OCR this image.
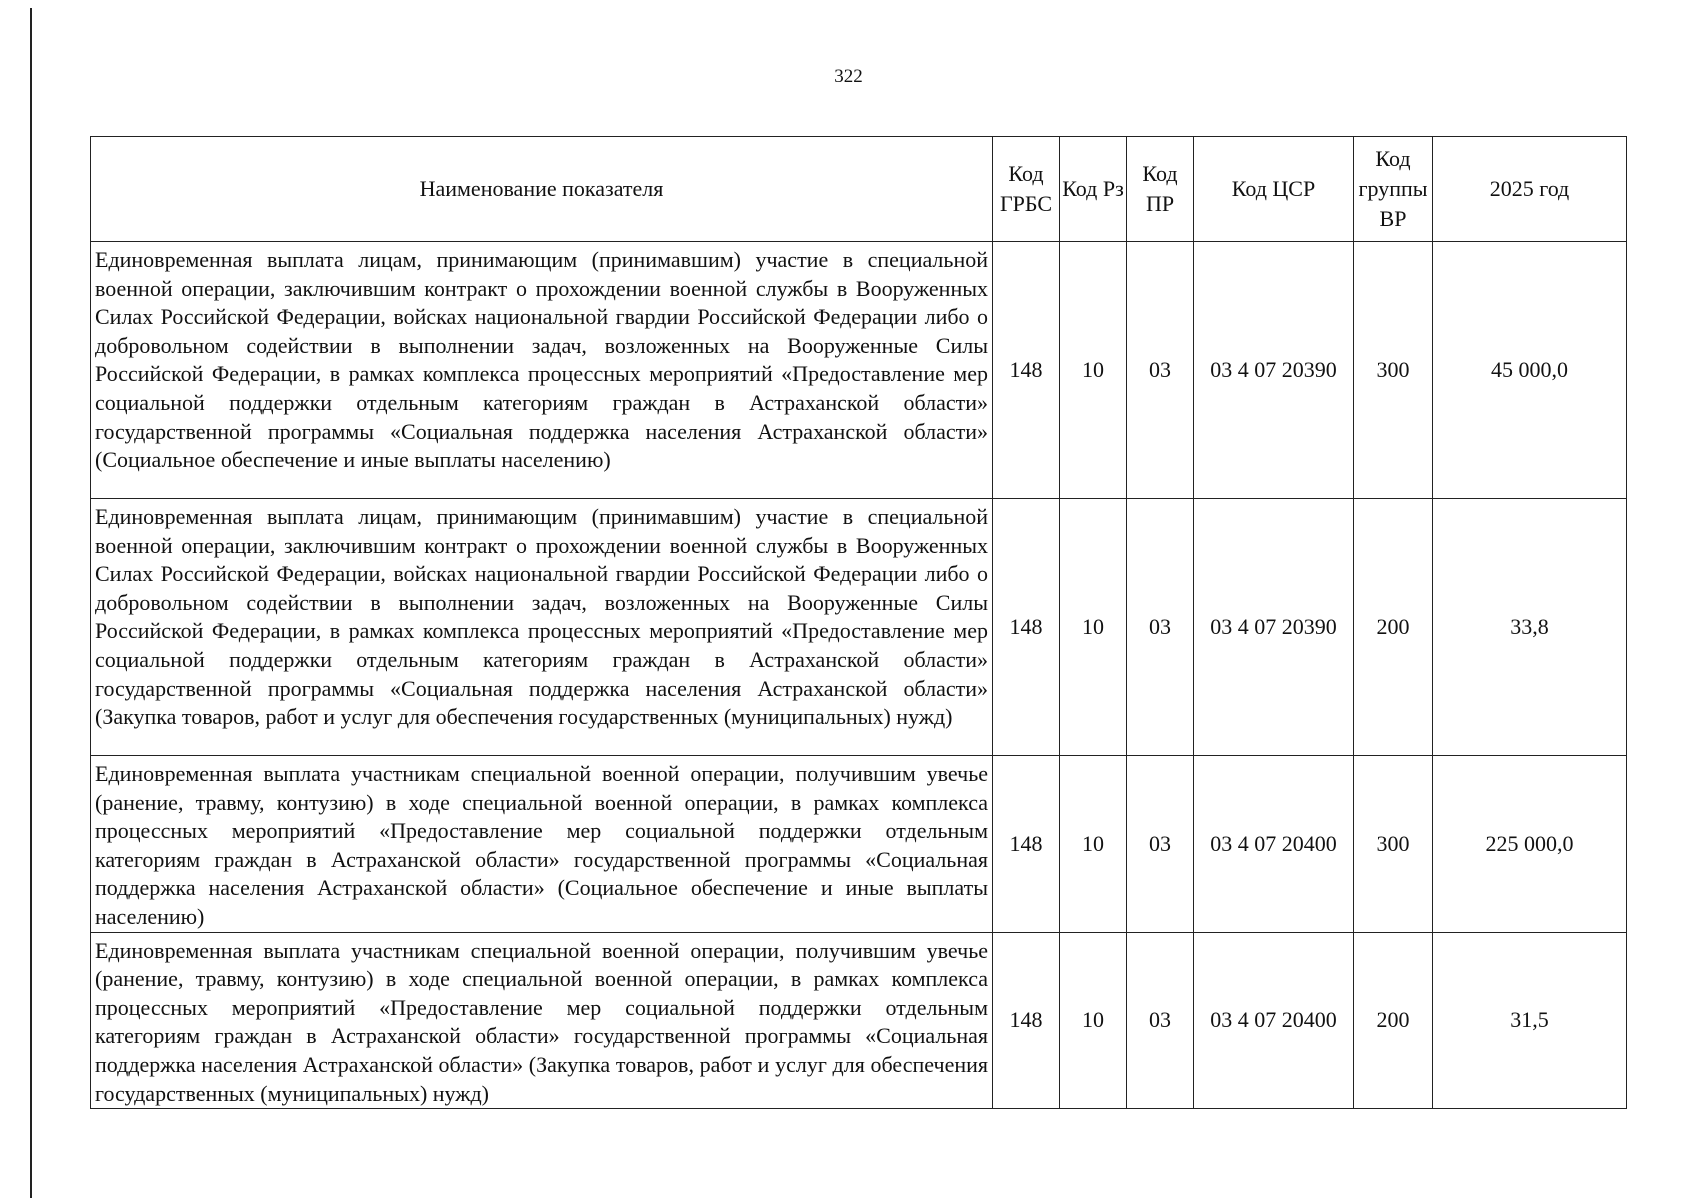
322
Наименование показателя	Код ГРБС	Код Рз	Код ПР	Код ЦСР	Код группы ВР	2025 год
Единовременная выплата лицам, принимающим (принимавшим) участие в специальной военной операции, заключившим контракт о прохождении военной службы в Вооруженных Силах Российской Федерации, войсках национальной гвардии Российской Федерации либо о добровольном содействии в выполнении задач, возложенных на Вооруженные Силы Российской Федерации, в рамках комплекса процессных мероприятий «Предоставление мер социальной поддержки отдельным категориям граждан в Астраханской области» государственной программы «Социальная поддержка населения Астраханской области» (Социальное обеспечение и иные выплаты населению)	148	10	03	03 4 07 20390	300	45 000,0
Единовременная выплата лицам, принимающим (принимавшим) участие в специальной военной операции, заключившим контракт о прохождении военной службы в Вооруженных Силах Российской Федерации, войсках национальной гвардии Российской Федерации либо о добровольном содействии в выполнении задач, возложенных на Вооруженные Силы Российской Федерации, в рамках комплекса процессных мероприятий «Предоставление мер социальной поддержки отдельным категориям граждан в Астраханской области» государственной программы «Социальная поддержка населения Астраханской области» (Закупка товаров, работ и услуг для обеспечения государственных (муниципальных) нужд)	148	10	03	03 4 07 20390	200	33,8
Единовременная выплата участникам специальной военной операции, получившим увечье (ранение, травму, контузию) в ходе специальной военной операции, в рамках комплекса процессных мероприятий «Предоставление мер социальной поддержки отдельным категориям граждан в Астраханской области» государственной программы «Социальная поддержка населения Астраханской области» (Социальное обеспечение и иные выплаты населению)	148	10	03	03 4 07 20400	300	225 000,0
Единовременная выплата участникам специальной военной операции, получившим увечье (ранение, травму, контузию) в ходе специальной военной операции, в рамках комплекса процессных мероприятий «Предоставление мер социальной поддержки отдельным категориям граждан в Астраханской области» государственной программы «Социальная поддержка населения Астраханской области» (Закупка товаров, работ и услуг для обеспечения государственных (муниципальных) нужд)	148	10	03	03 4 07 20400	200	31,5
